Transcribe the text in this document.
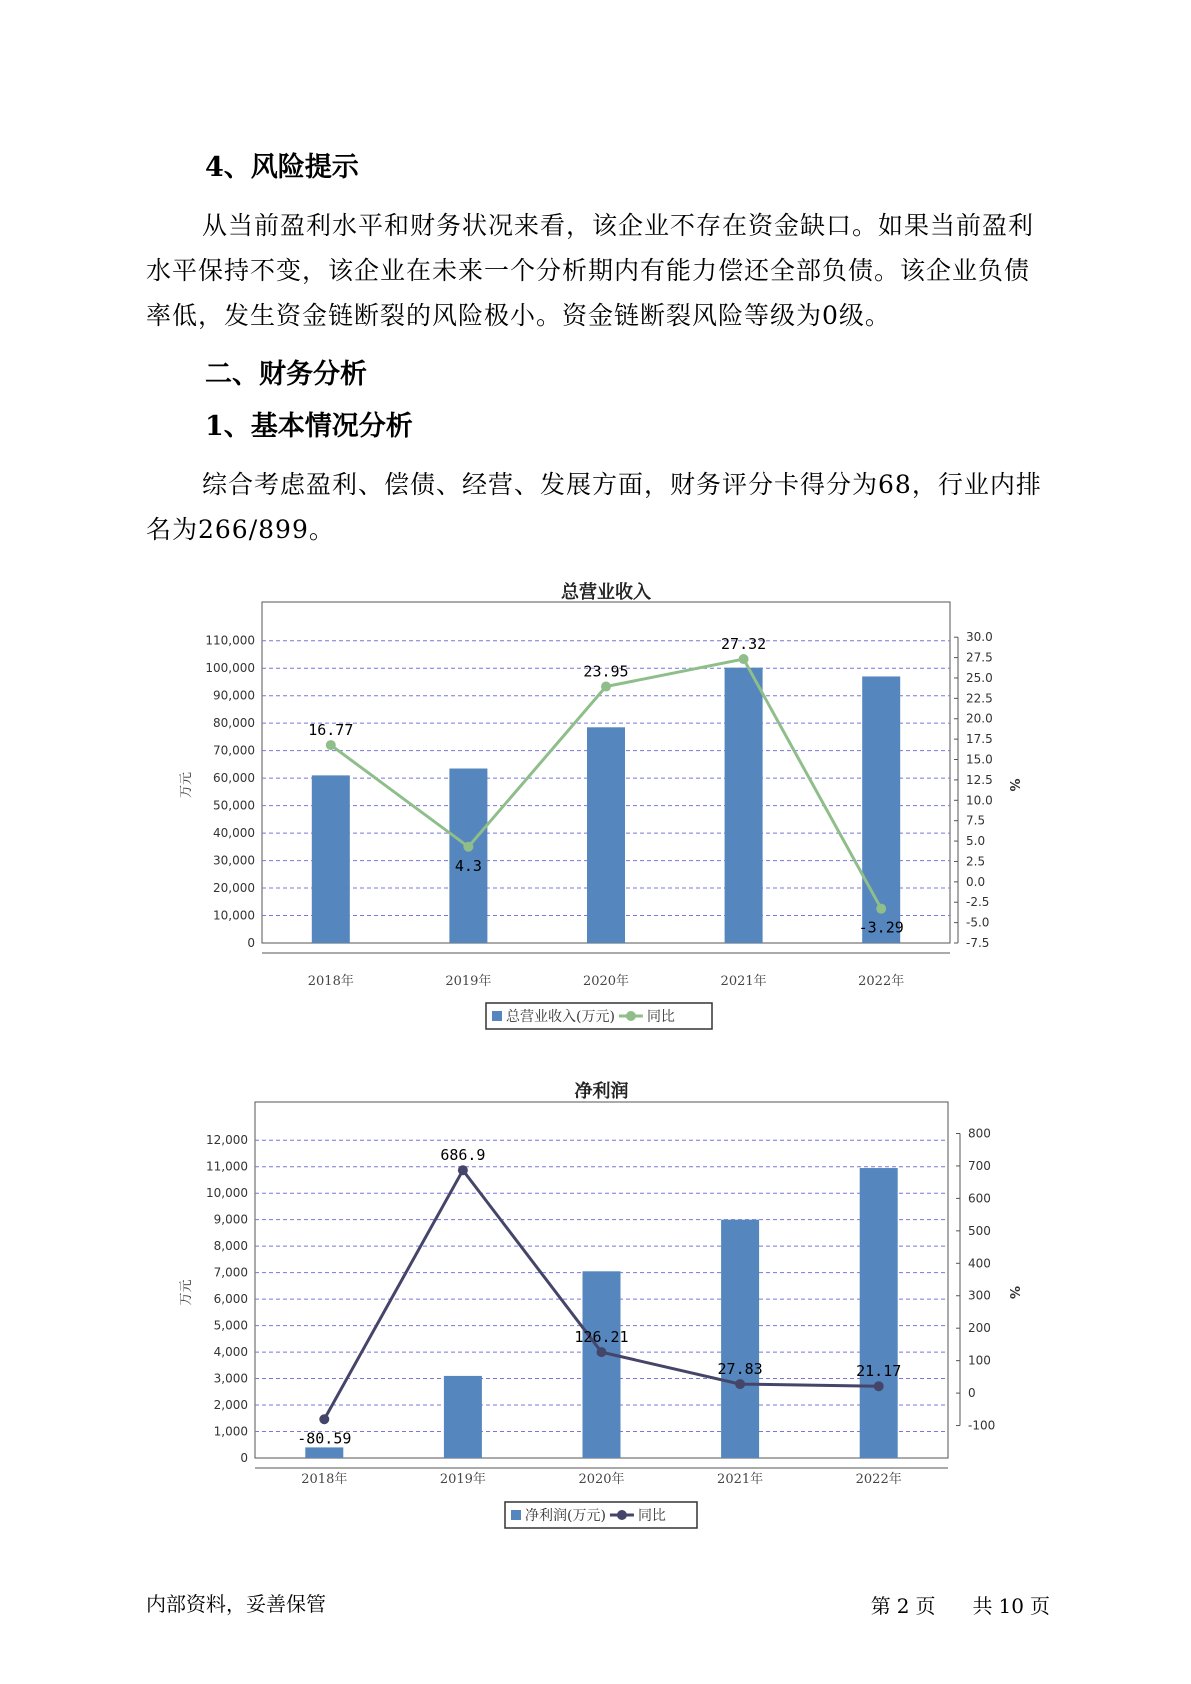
4、风险提示

从当前盈利水平和财务状况来看，该企业不存在资金缺口。如果当前盈利水平保持不变，该企业在未来一个分析期内有能力偿还全部负债。该企业负债率低，发生资金链断裂的风险极小。资金链断裂风险等级为0级。

二、财务分析
1、基本情况分析

综合考虑盈利、偿债、经营、发展方面，财务评分卡得分为68，行业内排名为266/899。

总营业收入
0
10,000
20,000
30,000
40,000
50,000
60,000
70,000
80,000
90,000
100,000
110,000
-7.5
-5.0
-2.5
0.0
2.5
5.0
7.5
10.0
12.5
15.0
17.5
20.0
22.5
25.0
27.5
30.0
万元	%
2018年	2019年	2020年	2021年	2022年
16.77
4.3
23.95
27.32
-3.29
总营业收入(万元) 同比
净利润
0
1,000
2,000
3,000
4,000
5,000
6,000
7,000
8,000
9,000
10,000
11,000
12,000
-100
0
100
200
300
400
500
600
700
800
万元	%
2018年	2019年	2020年	2021年	2022年
-80.59
686.9
126.21
27.83	21.17
净利润(万元) 同比
内部资料，妥善保管	第 2 页 共 10 页
